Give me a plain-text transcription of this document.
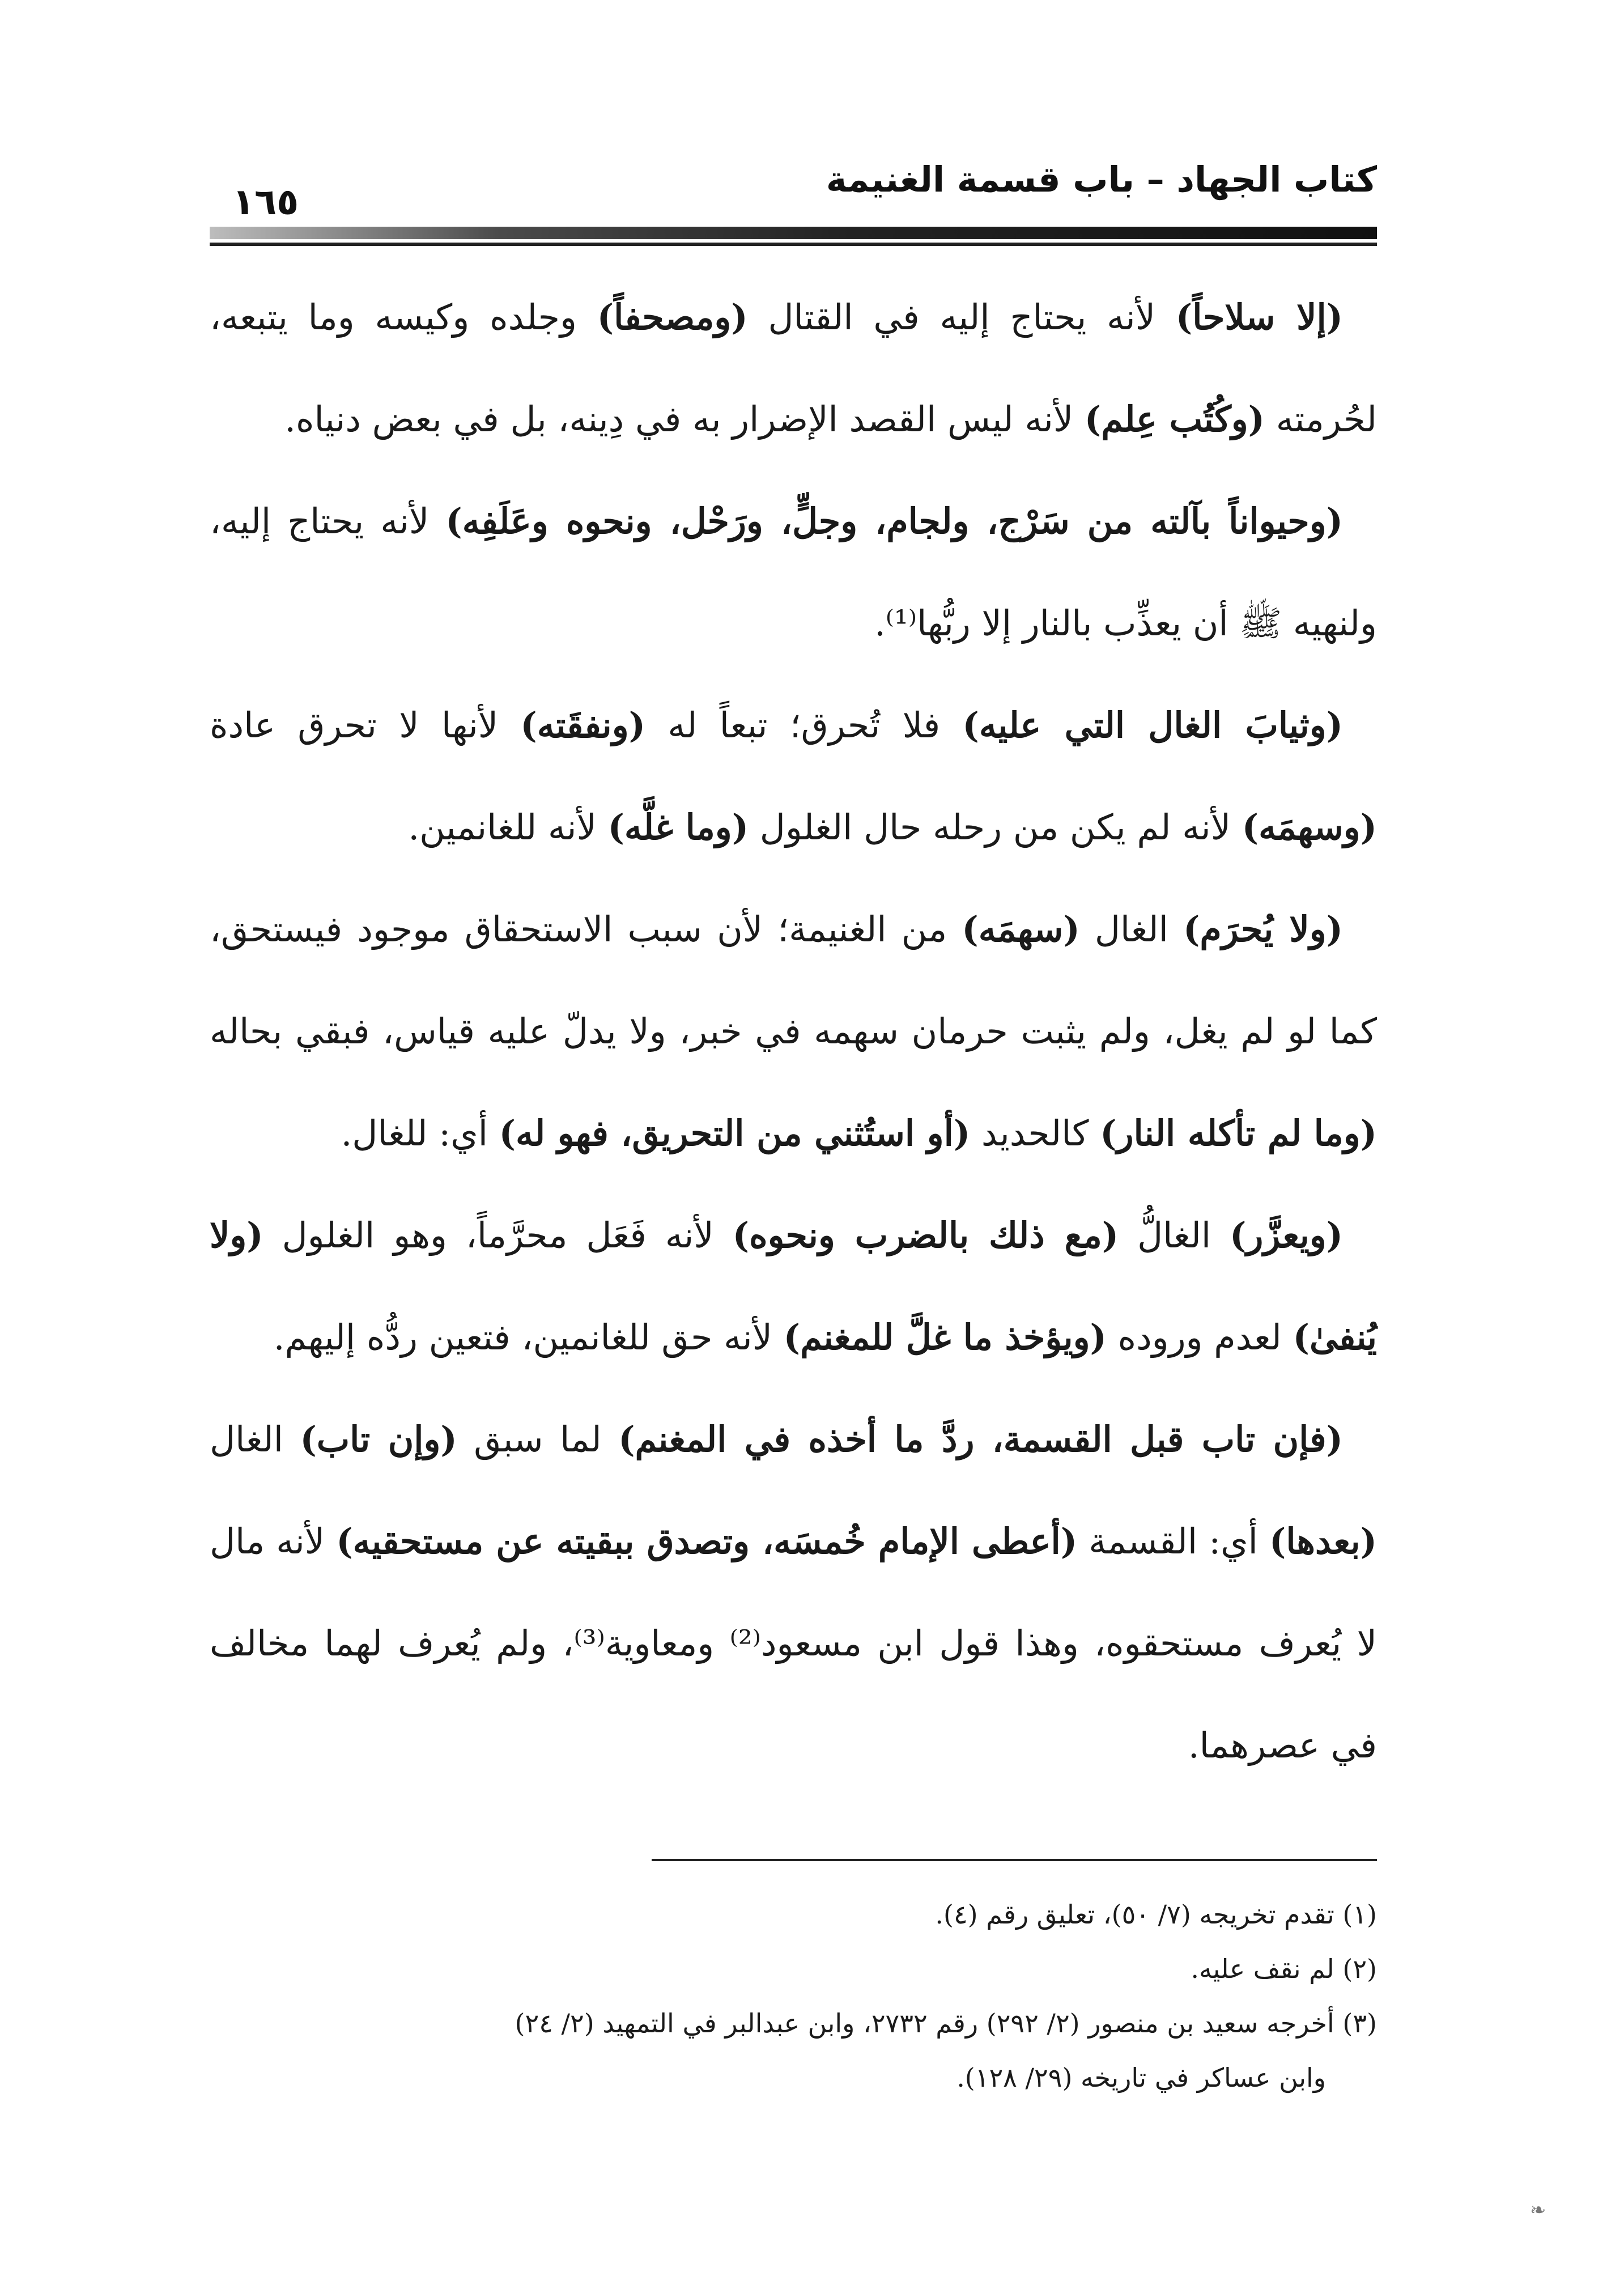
كتاب الجهاد – باب قسمة الغنيمة
١٦٥

(إلا سلاحاً) لأنه يحتاج إليه في القتال (ومصحفاً) وجلده وكيسه وما يتبعه، لحُرمته (وكُتُب عِلم) لأنه ليس القصد الإضرار به في دِينه، بل في بعض دنياه.

(وحيواناً بآلته من سَرْج، ولجام، وجلٍّ، ورَحْل، ونحوه وعَلَفِه) لأنه يحتاج إليه، ولنهيه ﷺ أن يعذِّب بالنار إلا ربُّها⁽¹⁾.

(وثيابَ الغال التي عليه) فلا تُحرق؛ تبعاً له (ونفقَته) لأنها لا تحرق عادة (وسهمَه) لأنه لم يكن من رحله حال الغلول (وما غلَّه) لأنه للغانمين.

(ولا يُحرَم) الغال (سهمَه) من الغنيمة؛ لأن سبب الاستحقاق موجود فيستحق، كما لو لم يغل، ولم يثبت حرمان سهمه في خبر، ولا يدلّ عليه قياس، فبقي بحاله (وما لم تأكله النار) كالحديد (أو استُثني من التحريق، فهو له) أي: للغال.

(ويعزَّر) الغالُّ (مع ذلك بالضرب ونحوه) لأنه فَعَل محرَّماً، وهو الغلول (ولا يُنفىٰ) لعدم وروده (ويؤخذ ما غلَّ للمغنم) لأنه حق للغانمين، فتعين ردُّه إليهم.

(فإن تاب قبل القسمة، ردَّ ما أخذه في المغنم) لما سبق (وإن تاب) الغال (بعدها) أي: القسمة (أعطى الإمام خُمسَه، وتصدق ببقيته عن مستحقيه) لأنه مال لا يُعرف مستحقوه، وهذا قول ابن مسعود⁽²⁾ ومعاوية⁽³⁾، ولم يُعرف لهما مخالف في عصرهما.

(١) تقدم تخريجه (٧/ ٥٠)، تعليق رقم (٤).

(٢) لم نقف عليه.

(٣) أخرجه سعيد بن منصور (٢/ ٢٩٢) رقم ٢٧٣٢، وابن عبدالبر في التمهيد (٢/ ٢٤)

وابن عساكر في تاريخه (٢٩/ ١٢٨).

❧
